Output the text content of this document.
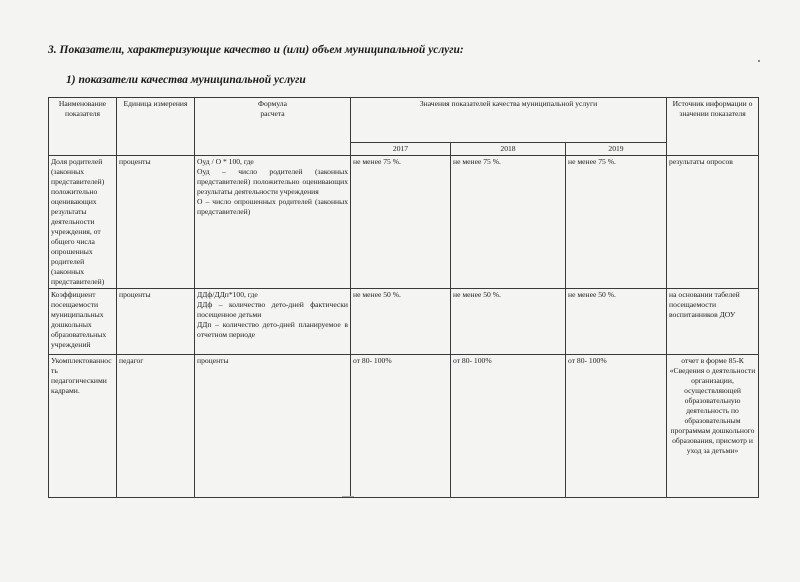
3. Показатели, характеризующие качество и (или) объем муниципальной услуги:

1) показатели качества муниципальной услуги

Наименование показателя	Единица измерения	Формула расчета	Значения показателей качества муниципальной услуги			Источник информации о значении показателя
			2017	2018	2019	
Доля родителей (законных представителей) положительно оценивающих результаты деятельности учреждения, от общего числа опрошенных родителей (законных представителей)	проценты	Оуд / О * 100, где
Оуд – число родителей (законных представителей) положительно оценивающих результаты деятельности учреждения
О – число опрошенных родителей (законных представителей)	не менее 75 %.	не менее 75 %.	не менее 75 %.	результаты опросов
Коэффициент посещаемости муниципальных дошкольных образовательных учреждений	проценты	ДДф/ДДп*100, где
ДДф – количество дето-дней фактически посещенное детьми
ДДп – количество дето-дней планируемое в отчетном периоде	не менее 50 %.	не менее 50 %.	не менее 50 %.	на основании табелей посещаемости воспитанников ДОУ
Укомплектованность педагогическими кадрами.	педагог	проценты	от 80- 100%	от 80- 100%	от 80- 100%	отчет в форме 85-К «Сведения о деятельности организации, осуществляющей образовательную деятельность по образовательным программам дошкольного образования, присмотр и уход за детьми»
